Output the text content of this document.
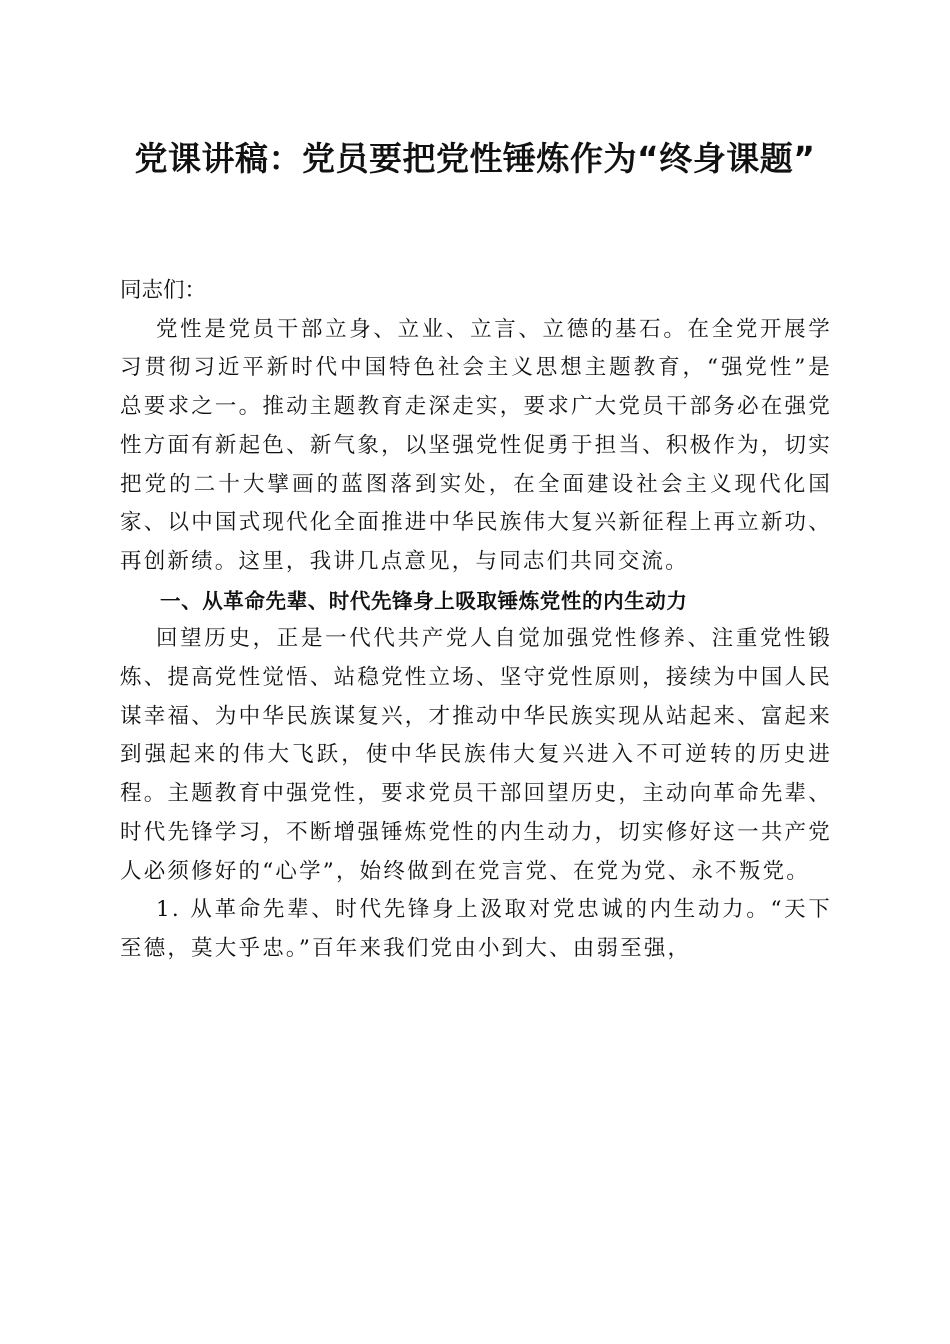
党课讲稿：党员要把党性锤炼作为“终身课题”

同志们：

党性是党员干部立身、立业、立言、立德的基石。在全党开展学习贯彻习近平新时代中国特色社会主义思想主题教育，“强党性”是总要求之一。推动主题教育走深走实，要求广大党员干部务必在强党性方面有新起色、新气象，以坚强党性促勇于担当、积极作为，切实把党的二十大擘画的蓝图落到实处，在全面建设社会主义现代化国家、以中国式现代化全面推进中华民族伟大复兴新征程上再立新功、再创新绩。这里，我讲几点意见，与同志们共同交流。

一、从革命先辈、时代先锋身上吸取锤炼党性的内生动力

回望历史，正是一代代共产党人自觉加强党性修养、注重党性锻炼、提高党性觉悟、站稳党性立场、坚守党性原则，接续为中国人民谋幸福、为中华民族谋复兴，才推动中华民族实现从站起来、富起来到强起来的伟大飞跃，使中华民族伟大复兴进入不可逆转的历史进程。主题教育中强党性，要求党员干部回望历史，主动向革命先辈、时代先锋学习，不断增强锤炼党性的内生动力，切实修好这一共产党人必须修好的“心学”，始终做到在党言党、在党为党、永不叛党。

1. 从革命先辈、时代先锋身上汲取对党忠诚的内生动力。“天下至德，莫大乎忠。”百年来我们党由小到大、由弱至强，
